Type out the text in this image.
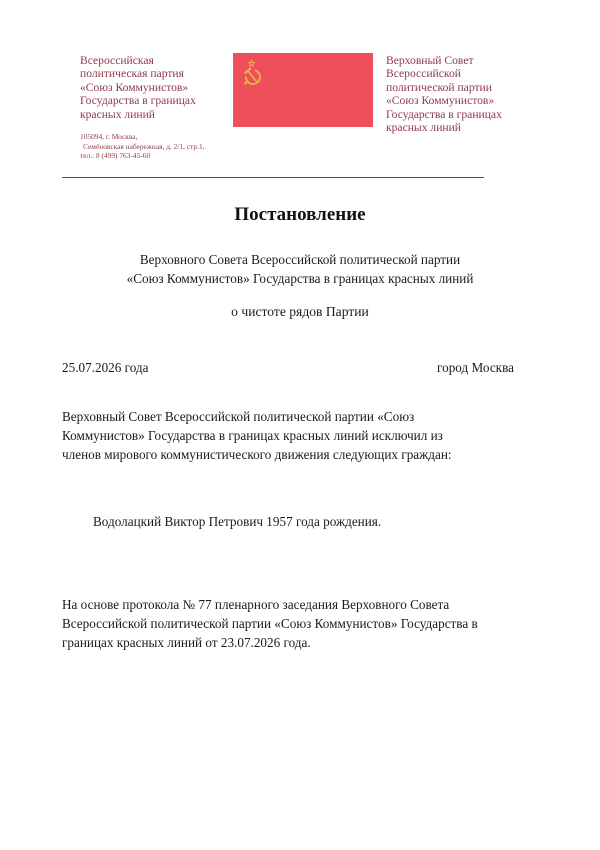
Всероссийская
политическая партия
«Союз Коммунистов»
Государства в границах
красных линий
105094, г. Москва,
Семёновская набережная, д. 2/1, стр.1,
тел.: 8 (499) 763-45-60
Верховный Совет
Всероссийской
политической партии
«Союз Коммунистов»
Государства в границах
красных линий
Постановление
Верховного Совета Всероссийской политической партии
«Союз Коммунистов» Государства в границах красных линий
о чистоте рядов Партии
25.07.2026 года	город Москва
Верховный Совет Всероссийской политической партии «Союз
Коммунистов» Государства в границах красных линий исключил из
членов мирового коммунистического движения следующих граждан:
Водолацкий Виктор Петрович 1957 года рождения.
На основе протокола № 77 пленарного заседания Верховного Совета
Всероссийской политической партии «Союз Коммунистов» Государства в
границах красных линий от 23.07.2026 года.
